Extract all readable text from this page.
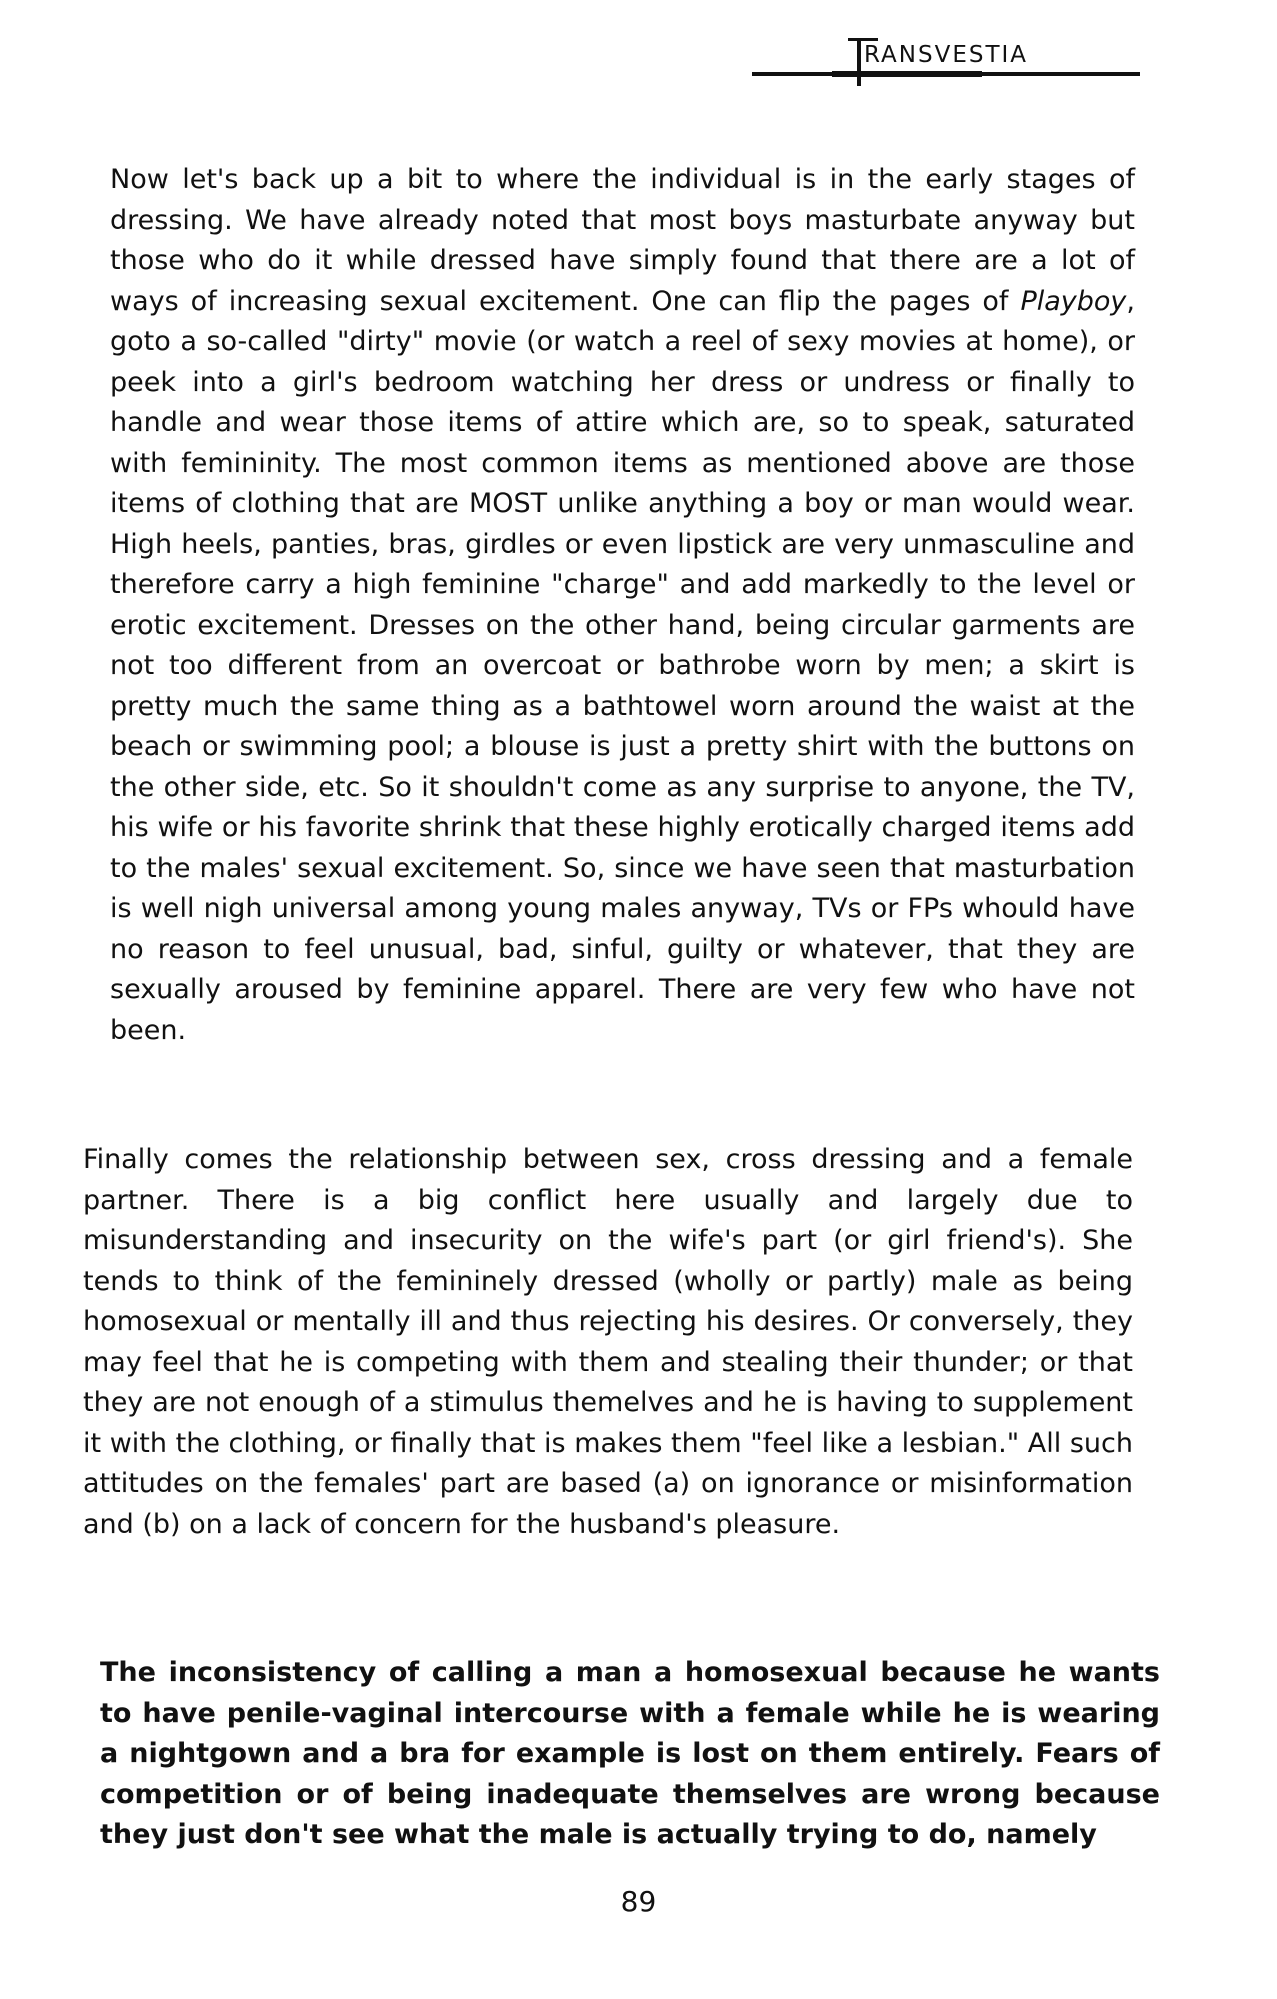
RANSVESTIA

Now let's back up a bit to where the individual is in the early stages of dressing. We have already noted that most boys masturbate anyway but those who do it while dressed have simply found that there are a lot of ways of increasing sexual excitement. One can flip the pages of Playboy, goto a so-called "dirty" movie (or watch a reel of sexy movies at home), or peek into a girl's bedroom watching her dress or undress or finally to handle and wear those items of attire which are, so to speak, saturated with femininity. The most common items as mentioned above are those items of clothing that are MOST unlike anything a boy or man would wear. High heels, panties, bras, girdles or even lipstick are very unmasculine and therefore carry a high feminine "charge" and add markedly to the level or erotic excitement. Dresses on the other hand, being circular garments are not too different from an overcoat or bathrobe worn by men; a skirt is pretty much the same thing as a bathtowel worn around the waist at the beach or swimming pool; a blouse is just a pretty shirt with the buttons on the other side, etc. So it shouldn't come as any surprise to anyone, the TV, his wife or his favorite shrink that these highly erotically charged items add to the males' sexual excitement. So, since we have seen that masturbation is well nigh universal among young males anyway, TVs or FPs whould have no reason to feel unusual, bad, sinful, guilty or whatever, that they are sexually aroused by feminine apparel. There are very few who have not been.

Finally comes the relationship between sex, cross dressing and a female partner. There is a big conflict here usually and largely due to misunderstanding and insecurity on the wife's part (or girl friend's). She tends to think of the femininely dressed (wholly or partly) male as being homosexual or mentally ill and thus rejecting his desires. Or conversely, they may feel that he is competing with them and stealing their thunder; or that they are not enough of a stimulus themelves and he is having to supplement it with the clothing, or finally that is makes them "feel like a lesbian." All such attitudes on the females' part are based (a) on ignorance or misinformation and (b) on a lack of concern for the husband's pleasure.

The inconsistency of calling a man a homosexual because he wants to have penile-vaginal intercourse with a female while he is wearing a nightgown and a bra for example is lost on them entirely. Fears of competition or of being inadequate themselves are wrong because they just don't see what the male is actually trying to do, namely

89
